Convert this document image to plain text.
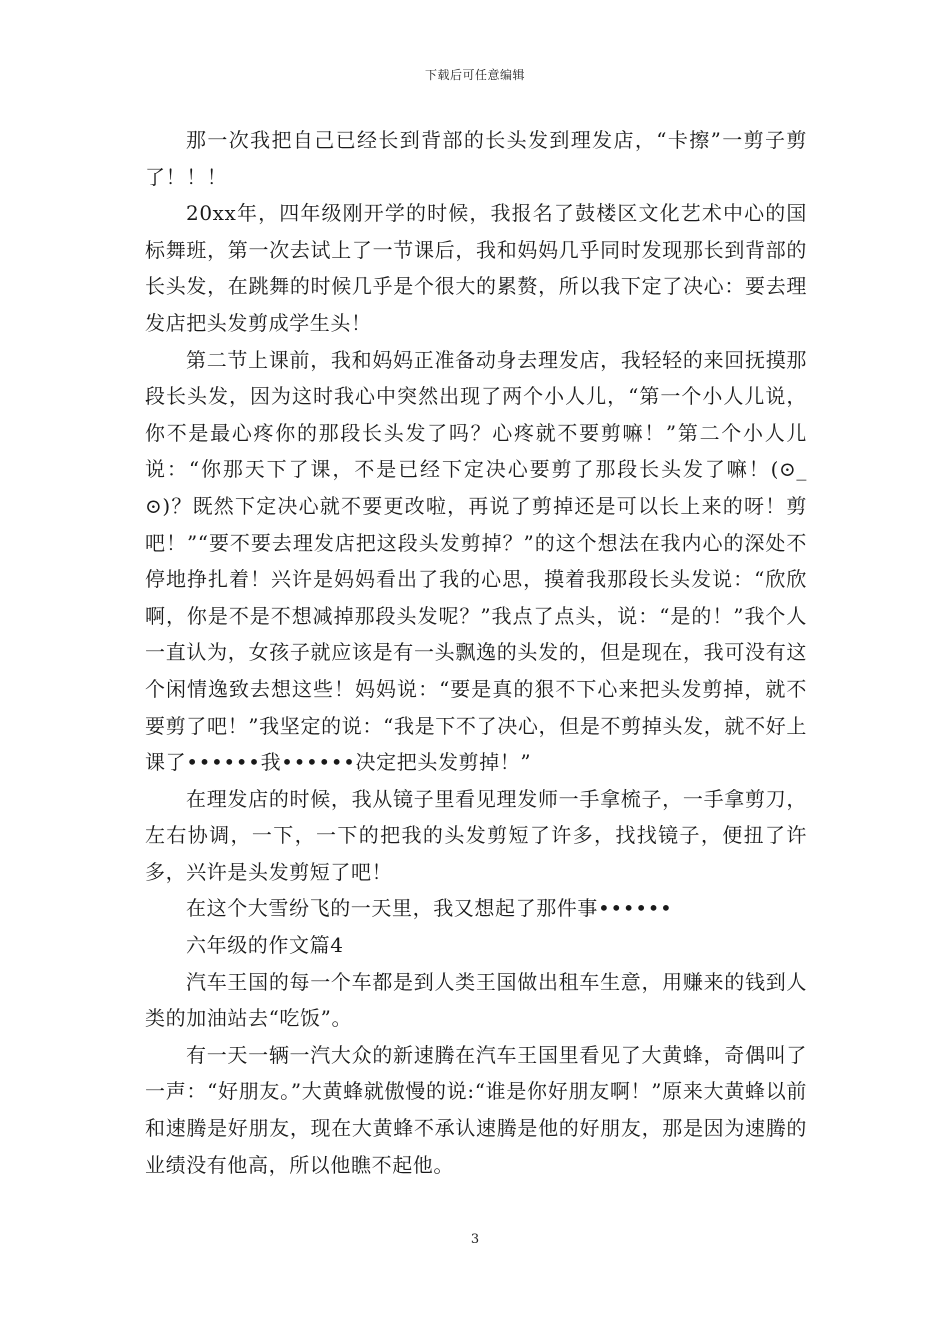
下载后可任意编辑

那一次我把自己已经长到背部的长头发到理发店，“卡擦”一剪子剪了！！！

20xx年，四年级刚开学的时候，我报名了鼓楼区文化艺术中心的国标舞班，第一次去试上了一节课后，我和妈妈几乎同时发现那长到背部的长头发，在跳舞的时候几乎是个很大的累赘，所以我下定了决心：要去理发店把头发剪成学生头！

第二节上课前，我和妈妈正准备动身去理发店，我轻轻的来回抚摸那段长头发，因为这时我心中突然出现了两个小人儿，“第一个小人儿说，你不是最心疼你的那段长头发了吗？心疼就不要剪嘛！”第二个小人儿说：“你那天下了课，不是已经下定决心要剪了那段长头发了嘛！(⊙_⊙)？既然下定决心就不要更改啦，再说了剪掉还是可以长上来的呀！剪吧！”“要不要去理发店把这段头发剪掉？”的这个想法在我内心的深处不停地挣扎着！兴许是妈妈看出了我的心思，摸着我那段长头发说：“欣欣啊，你是不是不想减掉那段头发呢？”我点了点头，说：“是的！”我个人一直认为，女孩子就应该是有一头飘逸的头发的，但是现在，我可没有这个闲情逸致去想这些！妈妈说：“要是真的狠不下心来把头发剪掉，就不要剪了吧！”我坚定的说：“我是下不了决心，但是不剪掉头发，就不好上课了••••••我••••••决定把头发剪掉！”

在理发店的时候，我从镜子里看见理发师一手拿梳子，一手拿剪刀，左右协调，一下，一下的把我的头发剪短了许多，找找镜子，便扭了许多，兴许是头发剪短了吧！

在这个大雪纷飞的一天里，我又想起了那件事••••••

六年级的作文篇4

汽车王国的每一个车都是到人类王国做出租车生意，用赚来的钱到人类的加油站去“吃饭”。

有一天一辆一汽大众的新速腾在汽车王国里看见了大黄蜂，奇偶叫了一声：“好朋友。”大黄蜂就傲慢的说:“谁是你好朋友啊！”原来大黄蜂以前和速腾是好朋友，现在大黄蜂不承认速腾是他的好朋友，那是因为速腾的业绩没有他高，所以他瞧不起他。

3
